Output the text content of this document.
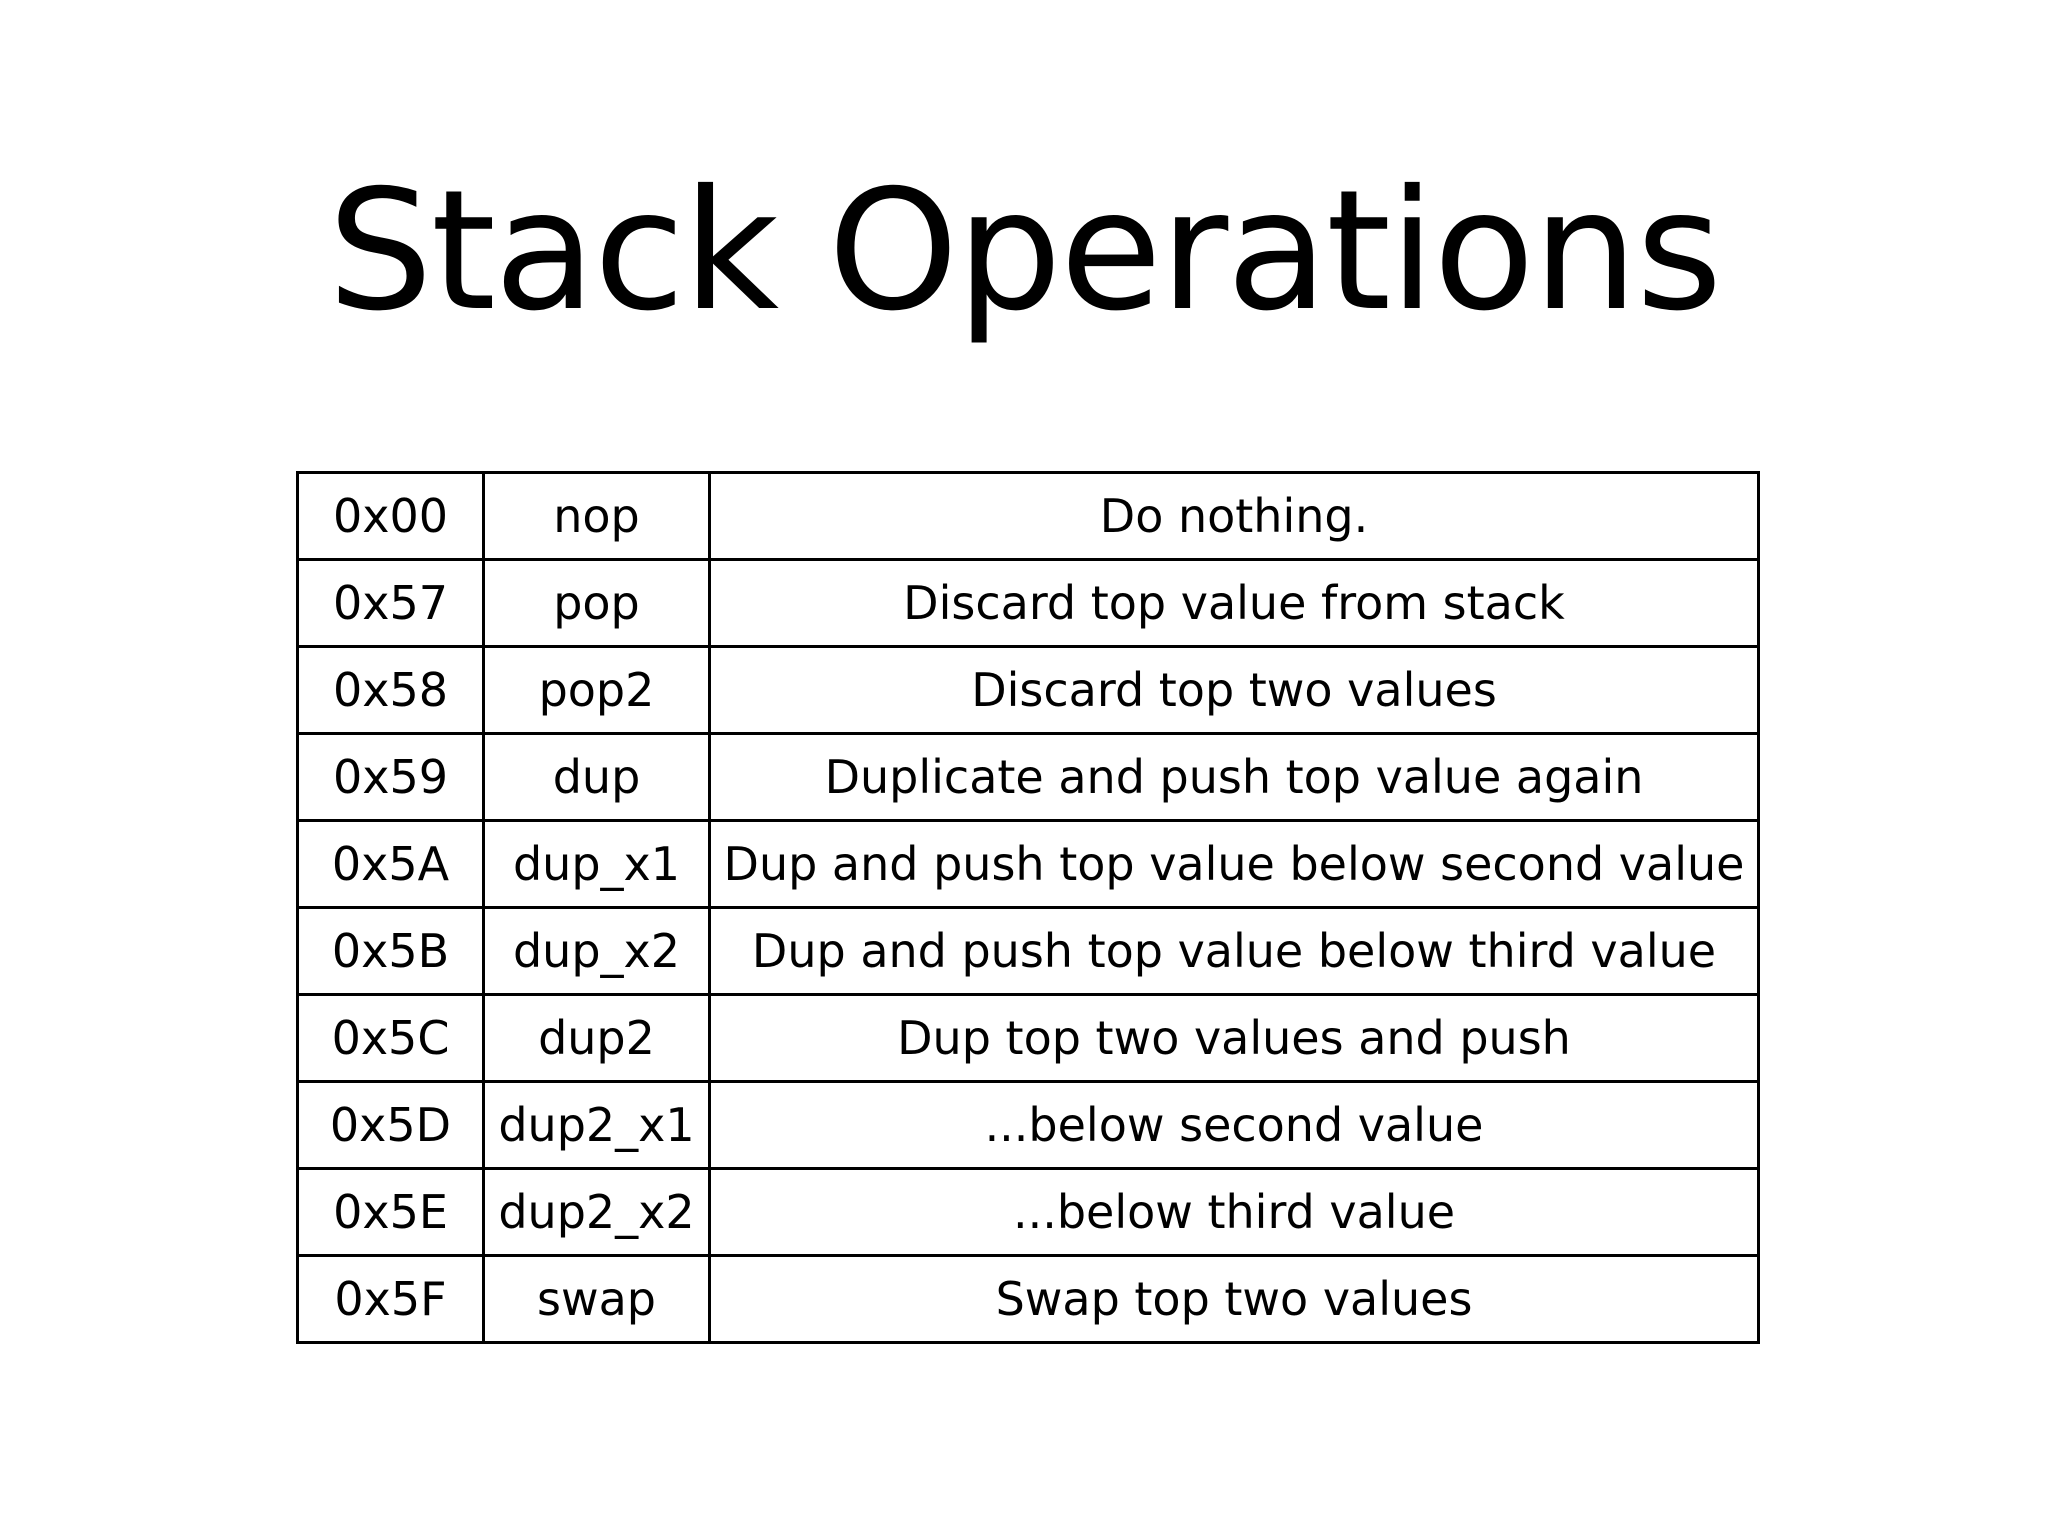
Stack Operations
0x00	nop	Do nothing.
0x57	pop	Discard top value from stack
0x58	pop2	Discard top two values
0x59	dup	Duplicate and push top value again
0x5A	dup_x1	Dup and push top value below second value
0x5B	dup_x2	Dup and push top value below third value
0x5C	dup2	Dup top two values and push
0x5D	dup2_x1	...below second value
0x5E	dup2_x2	...below third value
0x5F	swap	Swap top two values
